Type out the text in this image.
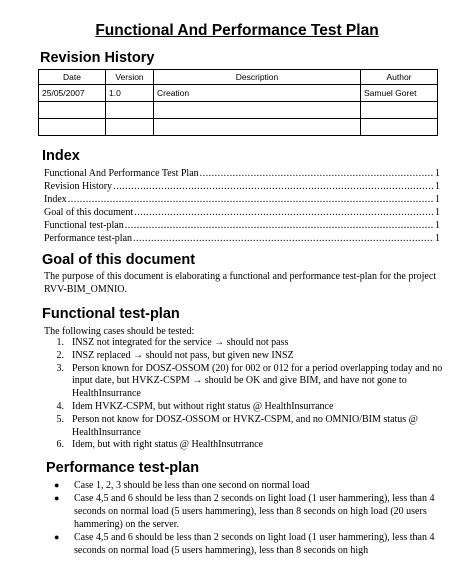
Functional And Performance Test Plan
Revision History
Date	Version	Description	Author
25/05/2007	1.0	Creation	Samuel Goret

Index
Functional And Performance Test Plan .....	1
Revision History .....	1
Index .....	1
Goal of this document .....	1
Functional test-plan .....	1
Performance test-plan .....	1
Goal of this document

The purpose of this document is elaborating a functional and performance test-plan for the project RVV-BIM_OMNIO.

Functional test-plan

The following cases should be tested:

1. INSZ not integrated for the service → should not pass
2. INSZ replaced → should not pass, but given new INSZ
3. Person known for DOSZ-OSSOM (20) for 002 or 012 for a period overlapping today and no input date, but HVKZ-CSPM → should be OK and give BIM, and have not gone to HealthInsurrance
4. Idem HVKZ-CSPM, but without right status @ HealthInsurrance
5. Person not know for DOSZ-OSSOM or HVKZ-CSPM, and no OMNIO/BIM status @ HealthInsurrance
6. Idem, but with right status @ HealthInsutrrance
Performance test-plan
●	Case 1, 2, 3 should be less than one second on normal load
●	Case 4,5 and 6 should be less than 2 seconds on light load (1 user hammering), less than 4 seconds on normal load (5 users hammering), less than 8 seconds on high load (20 users hammering) on the server.
●	Case 4,5 and 6 should be less than 2 seconds on light load (1 user hammering), less than 4 seconds on normal load (5 users hammering), less than 8 seconds on high
